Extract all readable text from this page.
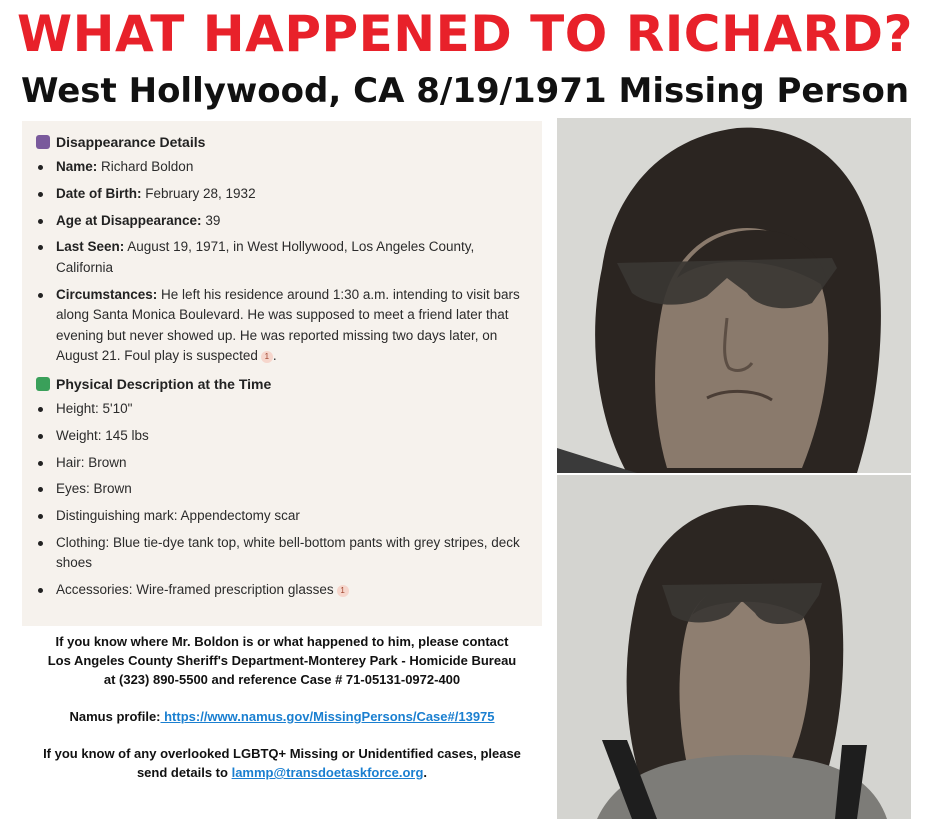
WHAT HAPPENED TO RICHARD?
West Hollywood, CA 8/19/1971 Missing Person
Disappearance Details
Name: Richard Boldon
Date of Birth: February 28, 1932
Age at Disappearance: 39
Last Seen: August 19, 1971, in West Hollywood, Los Angeles County, California
Circumstances: He left his residence around 1:30 a.m. intending to visit bars along Santa Monica Boulevard. He was supposed to meet a friend later that evening but never showed up. He was reported missing two days later, on August 21. Foul play is suspected 1 .
Physical Description at the Time
Height: 5'10"
Weight: 145 lbs
Hair: Brown
Eyes: Brown
Distinguishing mark: Appendectomy scar
Clothing: Blue tie-dye tank top, white bell-bottom pants with grey stripes, deck shoes
Accessories: Wire-framed prescription glasses 1

If you know where Mr. Boldon is or what happened to him, please contact

Los Angeles County Sheriff's Department-Monterey Park - Homicide Bureau

at (323) 890-5500 and reference Case # 71-05131-0972-400

Namus profile: https://www.namus.gov/MissingPersons/Case#/13975

If you know of any overlooked LGBTQ+ Missing or Unidentified cases, please

send details to lammp@transdoetaskforce.org.
